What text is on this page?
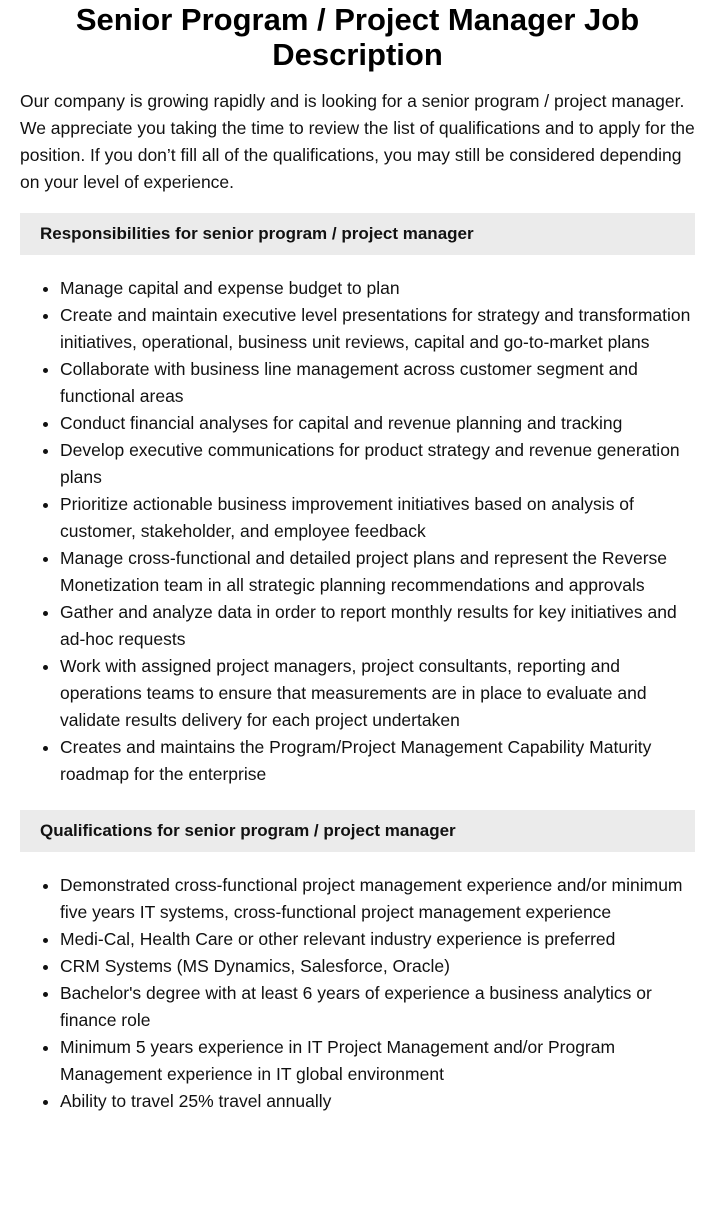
Senior Program / Project Manager Job Description

Our company is growing rapidly and is looking for a senior program / project manager. We appreciate you taking the time to review the list of qualifications and to apply for the position. If you don’t fill all of the qualifications, you may still be considered depending on your level of experience.

Responsibilities for senior program / project manager
• Manage capital and expense budget to plan
• Create and maintain executive level presentations for strategy and transformation initiatives, operational, business unit reviews, capital and go-to-market plans
• Collaborate with business line management across customer segment and functional areas
• Conduct financial analyses for capital and revenue planning and tracking
• Develop executive communications for product strategy and revenue generation plans
• Prioritize actionable business improvement initiatives based on analysis of customer, stakeholder, and employee feedback
• Manage cross-functional and detailed project plans and represent the Reverse Monetization team in all strategic planning recommendations and approvals
• Gather and analyze data in order to report monthly results for key initiatives and ad-hoc requests
• Work with assigned project managers, project consultants, reporting and operations teams to ensure that measurements are in place to evaluate and validate results delivery for each project undertaken
• Creates and maintains the Program/Project Management Capability Maturity roadmap for the enterprise
Qualifications for senior program / project manager
• Demonstrated cross-functional project management experience and/or minimum five years IT systems, cross-functional project management experience
• Medi-Cal, Health Care or other relevant industry experience is preferred
• CRM Systems (MS Dynamics, Salesforce, Oracle)
• Bachelor's degree with at least 6 years of experience a business analytics or finance role
• Minimum 5 years experience in IT Project Management and/or Program Management experience in IT global environment
• Ability to travel 25% travel annually
